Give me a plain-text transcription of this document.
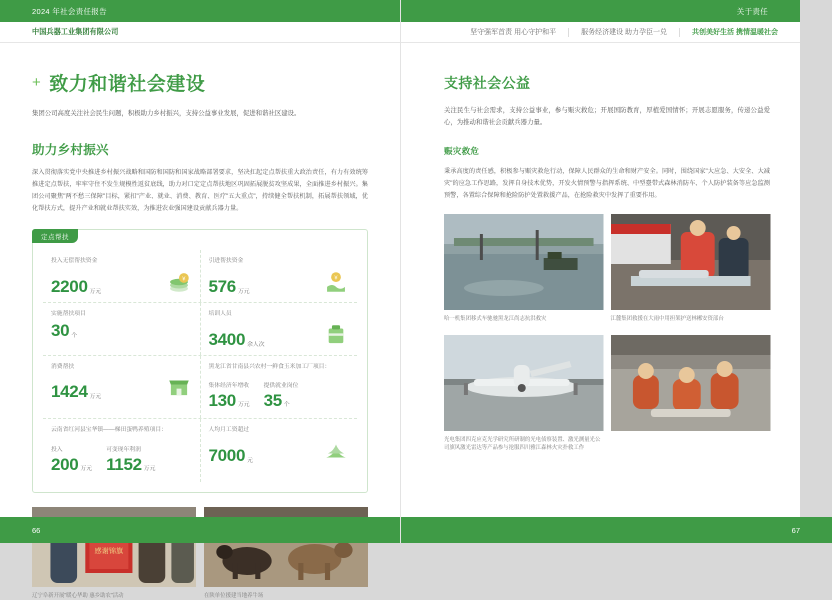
2024 年社会责任报告
中国兵器工业集团有限公司
+ 致力和谐社会建设

集团公司高度关注社会民生问题，积极助力乡村振兴，支持公益事业发展，促进和谐社区建设。

助力乡村振兴

深入贯彻落实党中央推进乡村振兴战略和国防和国防和国家战略部署要求，坚决扛起定点帮扶重大政治责任，有力有效统筹推进定点帮扶，牢牢守住不发生规模性返贫底线，助力对口定定点帮扶地区巩固拓展脱贫攻坚成果，全面推进乡村振兴。集团公司聚焦"两不愁三保障"目标，紧扣"产业、就业、消费、教育、医疗"五大重点"，持续健全帮扶机制，拓展帮扶领域，优化帮扶方式，提升产业和就业帮扶实效，为推进农业强国建设贡献兵器力量。

定点帮扶
投入无偿帮扶资金
2200 万元
¥
引进帮扶资金
576 万元
¥
实施帮扶项目
30 个
培训人员
3400 余人次
消费帮扶
1424 万元
黑龙江省甘南县兴农村一鲜食玉米加工厂项目：
集体经济年增收
130 万元
提供就业岗位
35 个
云南省红河县宝华镇——梯田蛋鸭养殖项目：
投入
200 万元
可变现年利润
1152 万元
人均月工资超过
7000 元
感谢锦旗
辽宁阜新开展"暖心华助 惠乡助农"活动	在陕单位援建当地养牛场
66
关于责任
坚守强军首责 用心守护和平	服务经济建设 助力孕臣一兑	共创美好生活 携情温暖社会
支持社会公益

关注民生与社会需求，支持公益事业，参与赈灾救危；开展国防教育，厚植爱国情怀；开展志愿服务，传递公益爱心，为推动和谐社会贡献兵器力量。

赈灾救危

秉承高度的责任感，积极参与赈灾救危行动，保障人民群众的生命和财产安全。同时，围绕国家"大应急、大安全、大减灾"的应急工作思路，发挥自身技术优势，开发火情预警与指挥系统、中型臺带式森林消防车、个人防护装备等应急监测预警，各置综合保障和抢险防护处置救援产品，在抢险救灾中发挥了重要作用。

哈一机集团移式车驰驰黑龙江尚志抗洪救灾	江麓集团救援在大雨中用担架护送林郴安资部台
光电集团四克应克光学研究所研制的光电侦察装置、激光测量光公司旗风激光雷达等产品参与抢服四川雅江森林火灾扑救工作
67
